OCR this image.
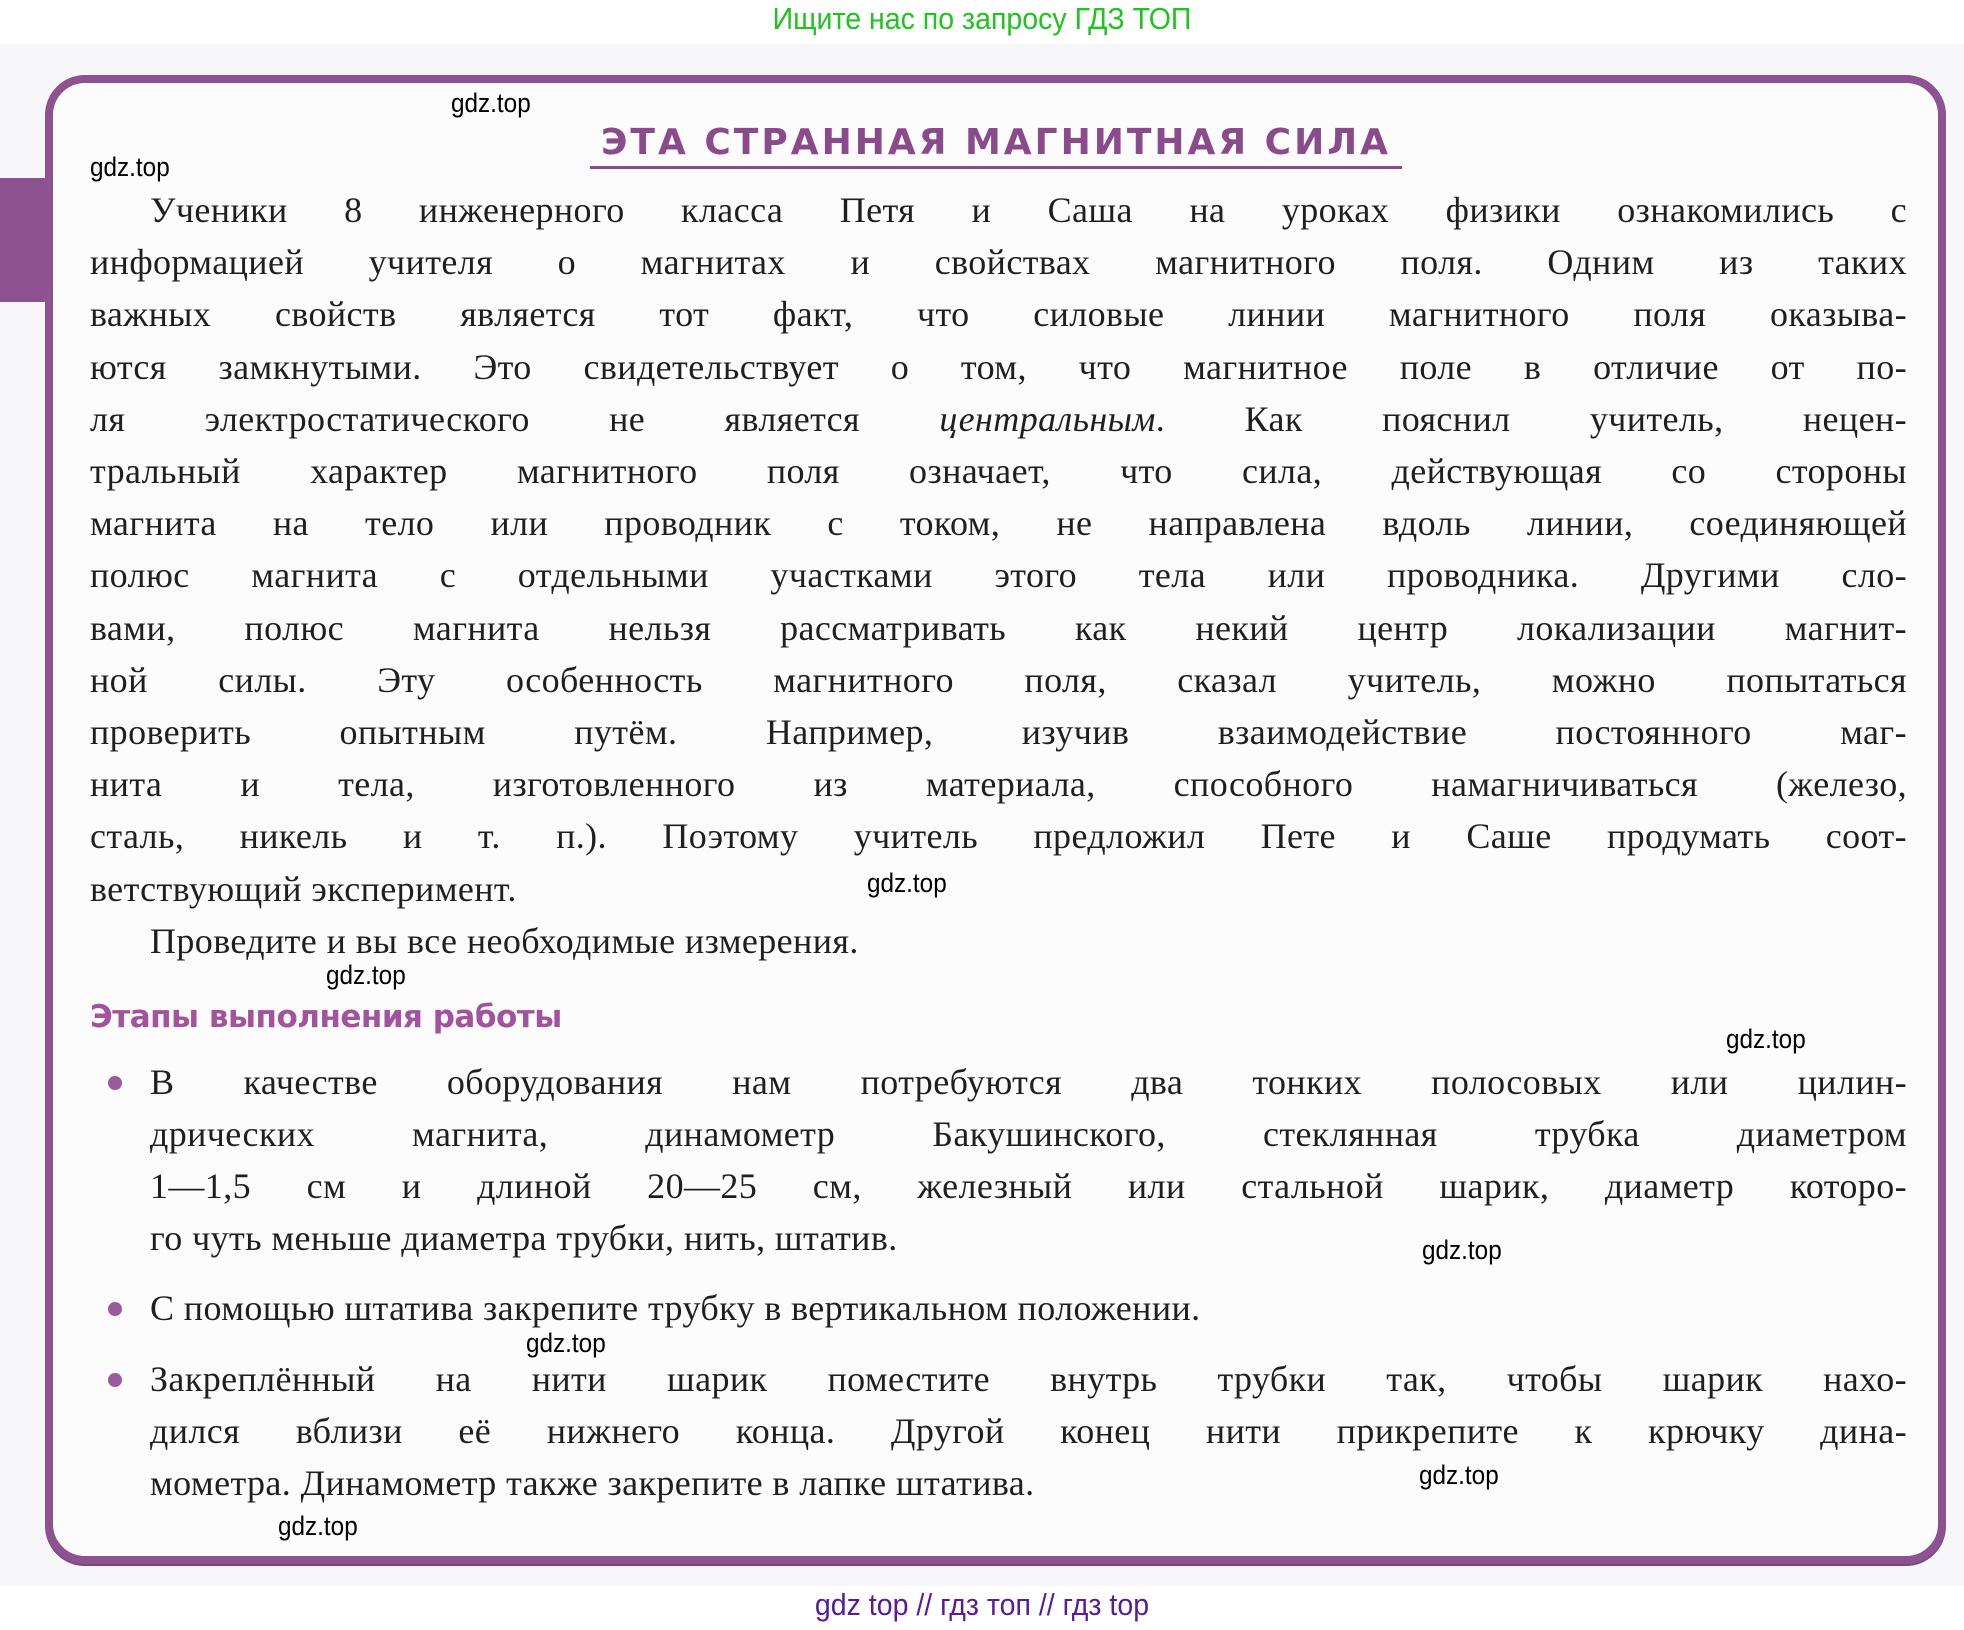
Ищите нас по запросу ГДЗ ТОП
ЭТА СТРАННАЯ МАГНИТНАЯ СИЛА
Ученики 8 инженерного класса Петя и Саша на уроках физики ознакомились с
информацией учителя о магнитах и свойствах магнитного поля. Одним из таких
важных свойств является тот факт, что силовые линии магнитного поля оказыва-
ются замкнутыми. Это свидетельствует о том, что магнитное поле в отличие от по-
ля электростатического не является центральным. Как пояснил учитель, нецен-
тральный характер магнитного поля означает, что сила, действующая со стороны
магнита на тело или проводник с током, не направлена вдоль линии, соединяющей
полюс магнита с отдельными участками этого тела или проводника. Другими сло-
вами, полюс магнита нельзя рассматривать как некий центр локализации магнит-
ной силы. Эту особенность магнитного поля, сказал учитель, можно попытаться
проверить опытным путём. Например, изучив взаимодействие постоянного маг-
нита и тела, изготовленного из материала, способного намагничиваться (железо,
сталь, никель и т. п.). Поэтому учитель предложил Пете и Саше продумать соот-
ветствующий эксперимент.
Проведите и вы все необходимые измерения.
Этапы выполнения работы
В качестве оборудования нам потребуются два тонких полосовых или цилин-
дрических магнита, динамометр Бакушинского, стеклянная трубка диаметром
1—1,5 см и длиной 20—25 см, железный или стальной шарик, диаметр которо-
го чуть меньше диаметра трубки, нить, штатив.
С помощью штатива закрепите трубку в вертикальном положении.
Закреплённый на нити шарик поместите внутрь трубки так, чтобы шарик нахо-
дился вблизи её нижнего конца. Другой конец нити прикрепите к крючку дина-
мометра. Динамометр также закрепите в лапке штатива.
gdz.top
gdz.top
gdz.top
gdz.top
gdz.top
gdz.top
gdz.top
gdz.top
gdz.top
gdz top // гдз топ // гдз top
